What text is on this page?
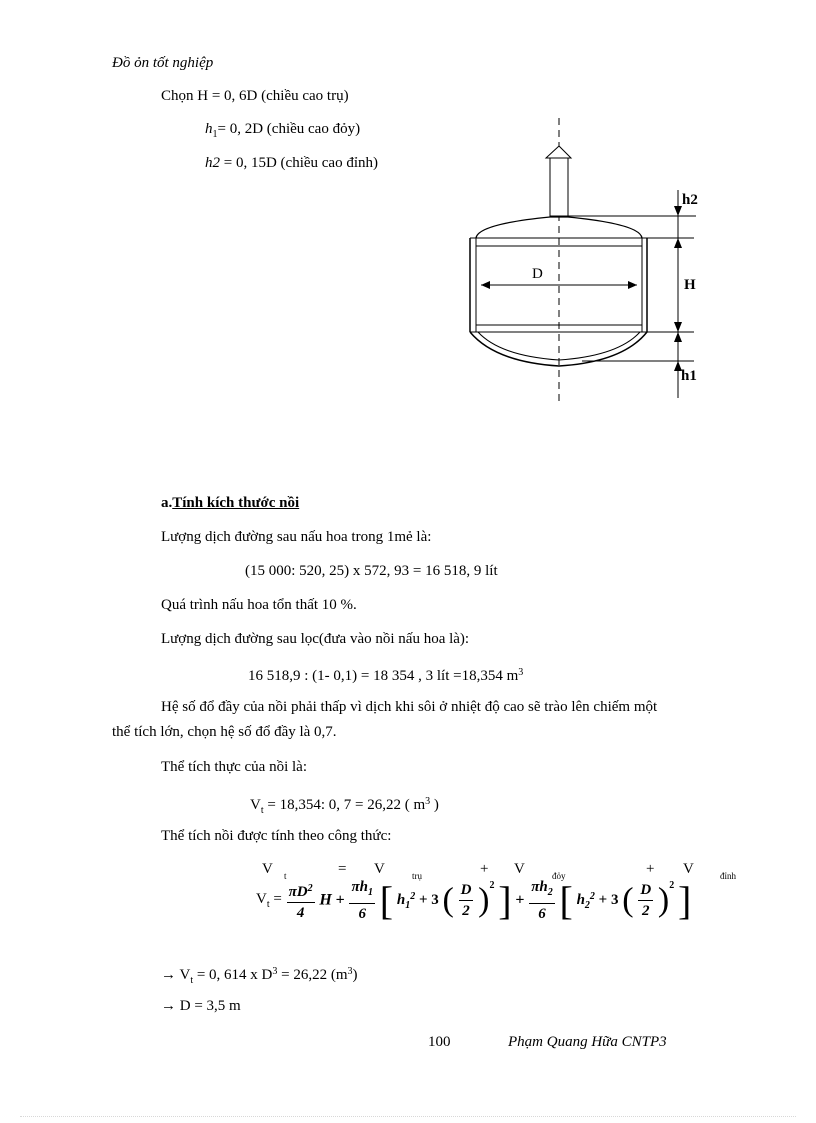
Đồ ỏn tốt nghiệp
Chọn H = 0, 6D (chiều cao trụ)
$h_1= 0$, 2D (chiều cao đỏy)
h2 = 0, 15D (chiều cao đỉnh)
D
h2
H
h1
a.Tính kích thước nồi
Lượng dịch đường sau nấu hoa trong 1mẻ là:
(15 000: 520, 25) x 572, 93 = 16 518, 9 lít
Quá trình nấu hoa tổn thất 10 %.
Lượng dịch đường sau lọc(đưa vào nồi nấu hoa là):
16 518,9 : (1- 0,1) = 18 354 , 3 lít =18,354 $m^3$
Hệ số đổ đầy của nồi phải thấp vì dịch khi sôi ở nhiệt độ cao sẽ trào lên chiếm một
thể tích lớn, chọn hệ số đổ đầy là 0,7.
Thể tích thực của nồi là:
$V_t = 18,354$: 0, 7 = 26,22 ( $m^3$ )
Thể tích nồi được tính theo công thức:
V t	= V	trụ	+ V	đỏy	+ V	đỉnh
$V_t = \frac{\pi D^2}{4}$ $H + \frac{\pi h_1}{6}$ [ $h_1^2 + 3$ ( $\frac{D}{2} )^2$ ] + $\frac{\pi h_2}{6}$ [ $h_2^2 + 3$ ( $\frac{D}{2} )^2$ ]
→ $V_t = 0$, 614 x $D^3 = 26,22$ $(m^3)$
→ D = 3,5 m
100	Phạm Quang Hữa CNTP3
